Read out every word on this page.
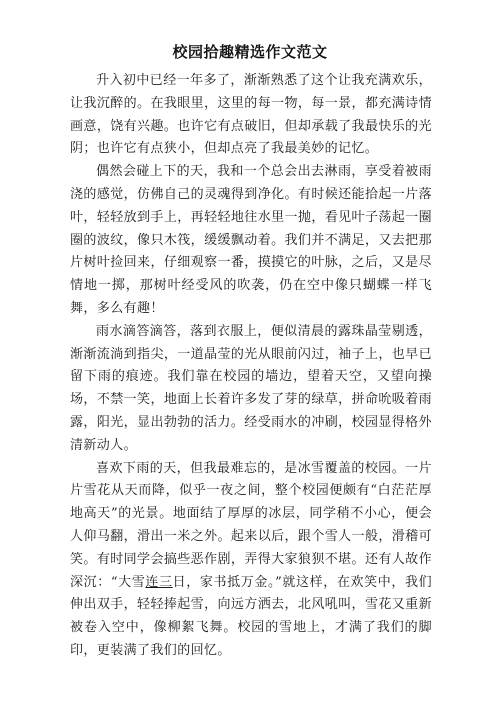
校园拾趣精选作文范文

升入初中已经一年多了，渐渐熟悉了这个让我充满欢乐，让我沉醉的。在我眼里，这里的每一物，每一景，都充满诗情画意，饶有兴趣。也许它有点破旧，但却承载了我最快乐的光阴；也许它有点狭小，但却点亮了我最美妙的记忆。

偶然会碰上下的天，我和一个总会出去淋雨，享受着被雨浇的感觉，仿佛自己的灵魂得到净化。有时候还能拾起一片落叶，轻轻放到手上，再轻轻地往水里一抛，看见叶子荡起一圈圈的波纹，像只木筏，缓缓飘动着。我们并不满足，又去把那片树叶捡回来，仔细观察一番，摸摸它的叶脉，之后，又是尽情地一掷，那树叶经受风的吹袭，仍在空中像只蝴蝶一样飞舞，多么有趣！

雨水滴答滴答，落到衣服上，便似清晨的露珠晶莹剔透，渐渐流淌到指尖，一道晶莹的光从眼前闪过，袖子上，也早已留下雨的痕迹。我们靠在校园的墙边，望着天空，又望向操场，不禁一笑，地面上长着许多发了芽的绿草，拼命吮吸着雨露，阳光，显出勃勃的活力。经受雨水的冲刷，校园显得格外清新动人。

喜欢下雨的天，但我最难忘的，是冰雪覆盖的校园。一片片雪花从天而降，似乎一夜之间，整个校园便颇有“白茫茫厚地高天”的光景。地面结了厚厚的冰层，同学稍不小心，便会人仰马翻，滑出一米之外。起来以后，跟个雪人一般，滑稽可笑。有时同学会搞些恶作剧，弄得大家狼狈不堪。还有人故作深沉：“大雪连三日，家书抵万金。”就这样，在欢笑中，我们伸出双手，轻轻捧起雪，向远方洒去，北风吼叫，雪花又重新被卷入空中，像柳絮飞舞。校园的雪地上，才满了我们的脚印，更装满了我们的回忆。
